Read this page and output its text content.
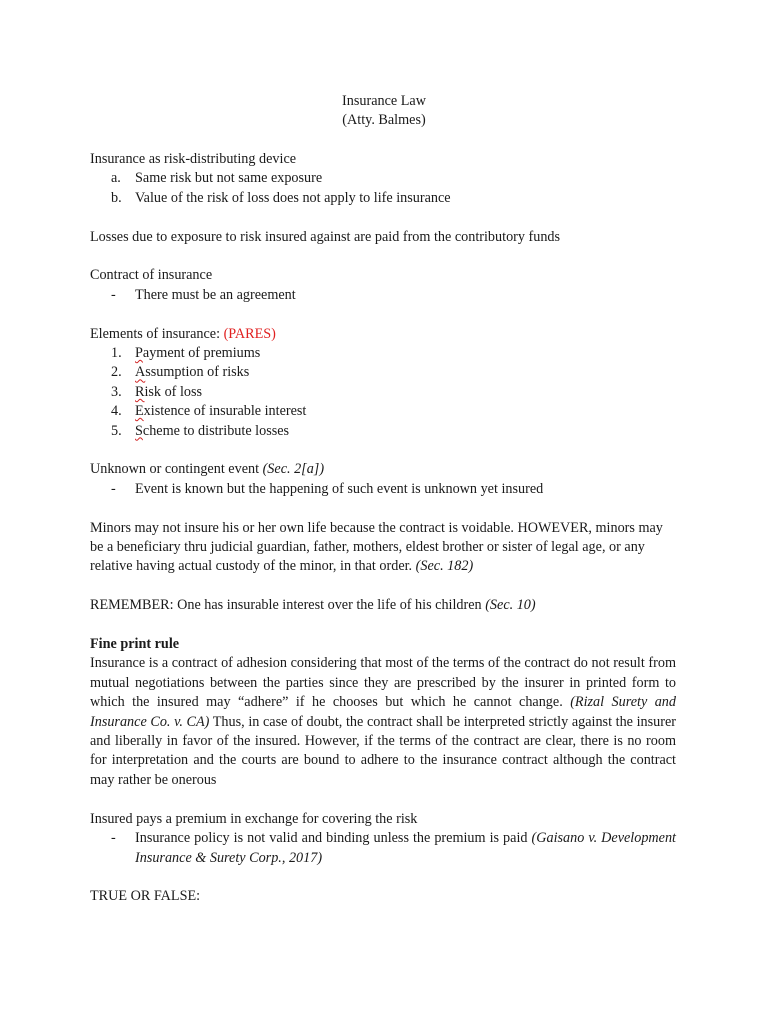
Insurance Law

(Atty. Balmes)

Insurance as risk-distributing device

a. Same risk but not same exposure
b. Value of the risk of loss does not apply to life insurance

Losses due to exposure to risk insured against are paid from the contributory funds

Contract of insurance

- There must be an agreement

Elements of insurance: (PARES)

1. Payment of premiums
2. Assumption of risks
3. Risk of loss
4. Existence of insurable interest
5. Scheme to distribute losses

Unknown or contingent event (Sec. 2[a])

- Event is known but the happening of such event is unknown yet insured

Minors may not insure his or her own life because the contract is voidable. HOWEVER, minors may be a beneficiary thru judicial guardian, father, mothers, eldest brother or sister of legal age, or any relative having actual custody of the minor, in that order. (Sec. 182)

REMEMBER: One has insurable interest over the life of his children (Sec. 10)

Fine print rule

Insurance is a contract of adhesion considering that most of the terms of the contract do not result from mutual negotiations between the parties since they are prescribed by the insurer in printed form to which the insured may “adhere” if he chooses but which he cannot change. (Rizal Surety and Insurance Co. v. CA) Thus, in case of doubt, the contract shall be interpreted strictly against the insurer and liberally in favor of the insured. However, if the terms of the contract are clear, there is no room for interpretation and the courts are bound to adhere to the insurance contract although the contract may rather be onerous

Insured pays a premium in exchange for covering the risk

- Insurance policy is not valid and binding unless the premium is paid (Gaisano v. Development Insurance & Surety Corp., 2017)

TRUE OR FALSE:
